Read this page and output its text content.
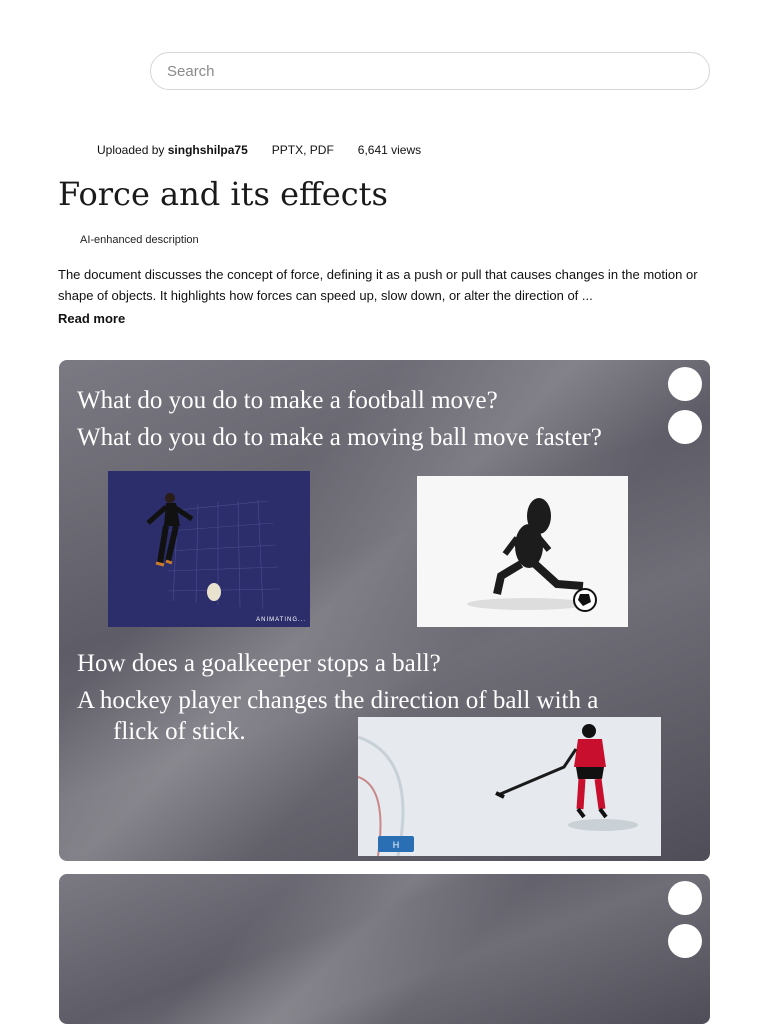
Search
Uploaded by singhshilpa75 PPTX, PDF 6,641 views
Force and its effects
AI-enhanced description

The document discusses the concept of force, defining it as a push or pull that causes changes in the motion or shape of objects. It highlights how forces can speed up, slow down, or alter the direction of ...

Read more

What do you do to make a football move?

What do you do to make a moving ball move faster?

ANIMATING...

How does a goalkeeper stops a ball?

A hockey player changes the direction of ball with a

flick of stick.

H
